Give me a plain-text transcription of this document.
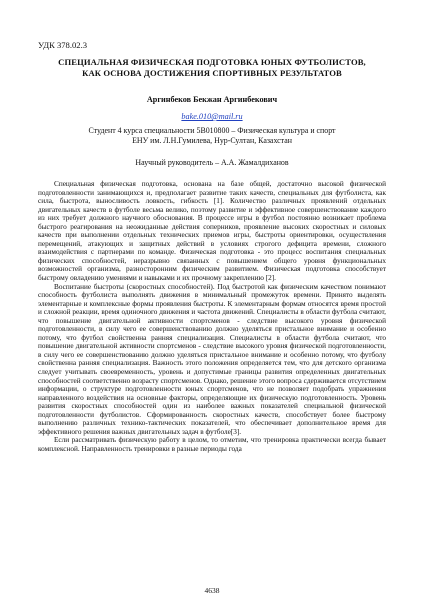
УДК 378.02.3
СПЕЦИАЛЬНАЯ ФИЗИЧЕСКАЯ ПОДГОТОВКА ЮНЫХ ФУТБОЛИСТОВ,
КАК ОСНОВА ДОСТИЖЕНИЯ СПОРТИВНЫХ РЕЗУЛЬТАТОВ
Аргинбеков Бекжан Аргинбекович
bake.010@mail.ru
Студент 4 курса специальности 5В010800 – Физическая культура и спорт
ЕНУ им. Л.Н.Гумилева, Нур-Султан, Казахстан
Научный руководитель – А.А. Жамалдиханов

Специальная физическая подготовка, основана на базе общей, достаточно высокой физической подготовленности занимающихся и, предполагает развитие таких качеств, специальных для футболиста, как сила, быстрота, выносливость ловкость, гибкость [1]. Количество различных проявлений отдельных двигательных качеств в футболе весьма велико, поэтому развитие и эффективное совершенствование каждого из них требует должного научного обоснования. В процессе игры в футбол постоянно возникает проблема быстрого реагирования на неожиданные действия соперников, проявление высоких скоростных и силовых качеств при выполнении отдельных технических приемов игры, быстроты ориентировки, осуществления перемещений, атакующих и защитных действий в условиях строгого дефицита времени, сложного взаимодействия с партнерами по команде. Физическая подготовка - это процесс воспитания специальных физических способностей, неразрывно связанных с повышением общего уровня функциональных возможностей организма, разносторонним физическим развитием. Физическая подготовка способствует быстрому овладению умениями и навыками и их прочному закреплению [2].

Воспитание быстроты (скоростных способностей). Под быстротой как физическим качеством понимают способность футболиста выполнять движения в минимальный промежуток времени. Принято выделять элементарные и комплексные формы проявления быстроты. К элементарным формам относятся время простой и сложной реакции, время одиночного движения и частота движений. Специалисты в области футбола считают, что повышение двигательной активности спортсменов - следствие высокого уровня физической подготовленности, в силу чего ее совершенствованию должно уделяться пристальное внимание и особенно потому, что футбол свойственна ранняя специализация. Специалисты в области футбола считают, что повышение двигательной активности спортсменов - следствие высокого уровня физической подготовленности, в силу чего ее совершенствованию должно уделяться пристальное внимание и особенно потому, что футболу свойственна ранняя специализация. Важность этого положения определяется тем, что для детского организма следует учитывать своевременность, уровень и допустимые границы развития определенных двигательных способностей соответственно возрасту спортсменов. Однако, решение этого вопроса сдерживается отсутствием информации, о структуре подготовленности юных спортсменов, что не позволяет подобрать упражнения направленного воздействия на основные факторы, определяющие их физическую подготовленность. Уровень развития скоростных способностей один из наиболее важных показателей специальной физической подготовленности футболистов. Сформированность скоростных качеств, способствует более быстрому выполнению различных технико-тактических показателей, что обеспечивает дополнительное время для эффективного решения важных двигательных задач в футболе[3].

Если рассматривать физическую работу в целом, то отметим, что тренировка практически всегда бывает комплексной. Направленность тренировки в разные периоды года

4638
